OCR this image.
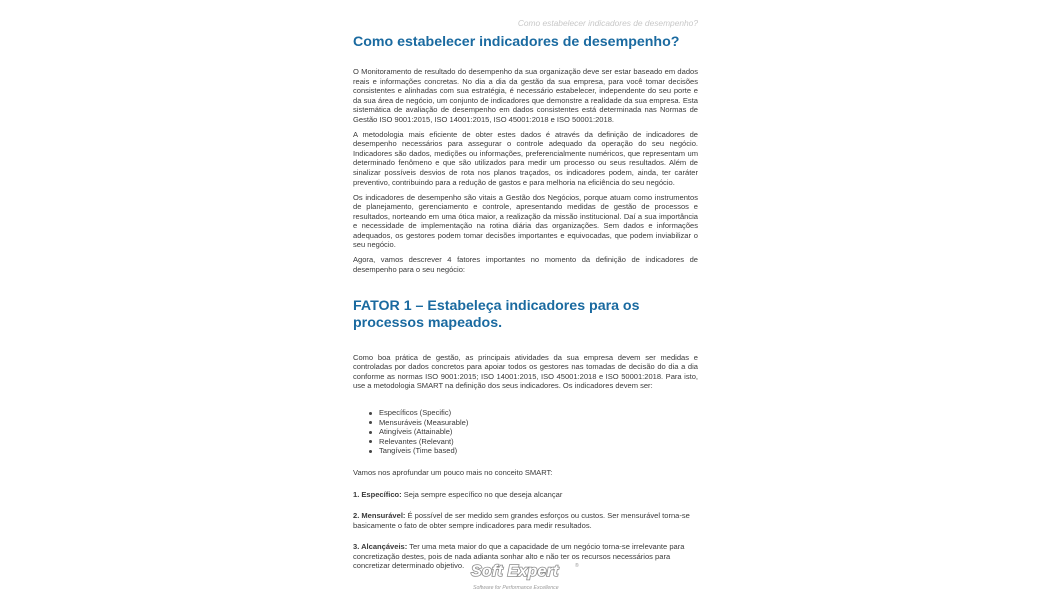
Como estabelecer indicadores de desempenho?
Como estabelecer indicadores de desempenho?

O Monitoramento de resultado do desempenho da sua organização deve ser estar baseado em dados reais e informações concretas. No dia a dia da gestão da sua empresa, para você tomar decisões consistentes e alinhadas com sua estratégia, é necessário estabelecer, independente do seu porte e da sua área de negócio, um conjunto de indicadores que demonstre a realidade da sua empresa. Esta sistemática de avaliação de desempenho em dados consistentes está determinada nas Normas de Gestão ISO 9001:2015, ISO 14001:2015, ISO 45001:2018 e ISO 50001:2018.

A metodologia mais eficiente de obter estes dados é através da definição de indicadores de desempenho necessários para assegurar o controle adequado da operação do seu negócio. Indicadores são dados, medições ou informações, preferencialmente numéricos, que representam um determinado fenômeno e que são utilizados para medir um processo ou seus resultados. Além de sinalizar possíveis desvios de rota nos planos traçados, os indicadores podem, ainda, ter caráter preventivo, contribuindo para a redução de gastos e para melhoria na eficiência do seu negócio.

Os indicadores de desempenho são vitais a Gestão dos Negócios, porque atuam como instrumentos de planejamento, gerenciamento e controle, apresentando medidas de gestão de processos e resultados, norteando em uma ótica maior, a realização da missão institucional. Daí a sua importância e necessidade de implementação na rotina diária das organizações. Sem dados e informações adequados, os gestores podem tomar decisões importantes e equivocadas, que podem inviabilizar o seu negócio.

Agora, vamos descrever 4 fatores importantes no momento da definição de indicadores de desempenho para o seu negócio:

FATOR 1 – Estabeleça indicadores para os processos mapeados.

Como boa prática de gestão, as principais atividades da sua empresa devem ser medidas e controladas por dados concretos para apoiar todos os gestores nas tomadas de decisão do dia a dia conforme as normas ISO 9001:2015; ISO 14001:2015, ISO 45001:2018 e ISO 50001:2018. Para isto, use a metodologia SMART na definição dos seus indicadores. Os indicadores devem ser:

Específicos (Specific)
Mensuráveis (Measurable)
Atingíveis (Attainable)
Relevantes (Relevant)
Tangíveis (Time based)

Vamos nos aprofundar um pouco mais no conceito SMART:

1. Específico: Seja sempre específico no que deseja alcançar

2. Mensurável: É possível de ser medido sem grandes esforços ou custos. Ser mensurável torna-se basicamente o fato de obter sempre indicadores para medir resultados.

3. Alcançáveis: Ter uma meta maior do que a capacidade de um negócio torna-se irrelevante para concretização destes, pois de nada adianta sonhar alto e não ter os recursos necessários para concretizar determinado objetivo. Soft Expert	®
Software for Performance Excellence
